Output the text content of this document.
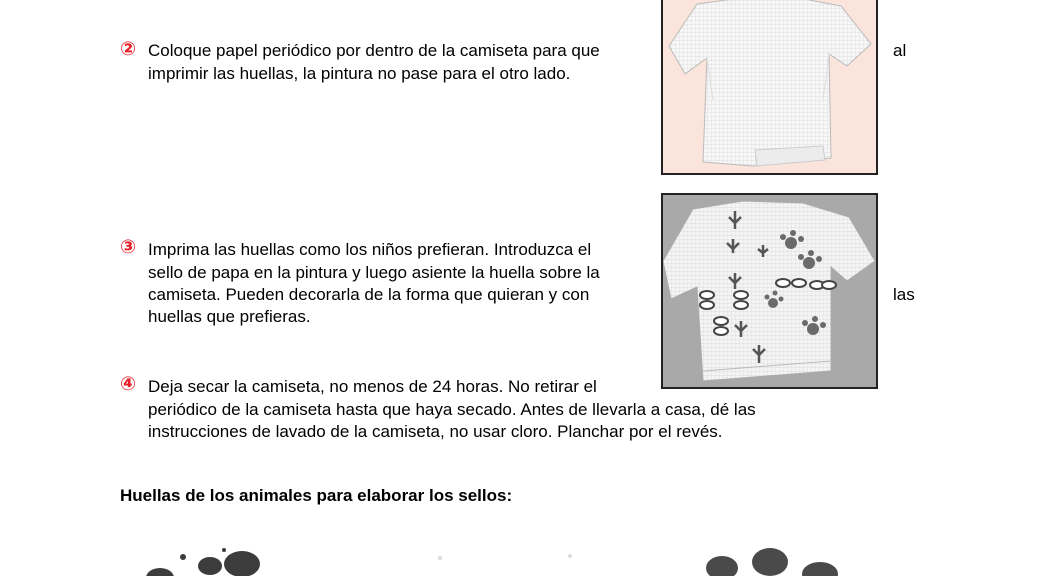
② Coloque papel periódico por dentro de la camiseta para que
imprimir las huellas, la pintura no pase para el otro lado.
al
③ Imprima las huellas como los niños prefieran. Introduzca el
sello de papa en la pintura y luego asiente la huella sobre la
camiseta. Pueden decorarla de la forma que quieran y con
huellas que prefieras.
las
④ Deja secar la camiseta, no menos de 24 horas. No retirar el
periódico de la camiseta hasta que haya secado. Antes de llevarla a casa, dé las
instrucciones de lavado de la camiseta, no usar cloro. Planchar por el revés.
Huellas de los animales para elaborar los sellos:
